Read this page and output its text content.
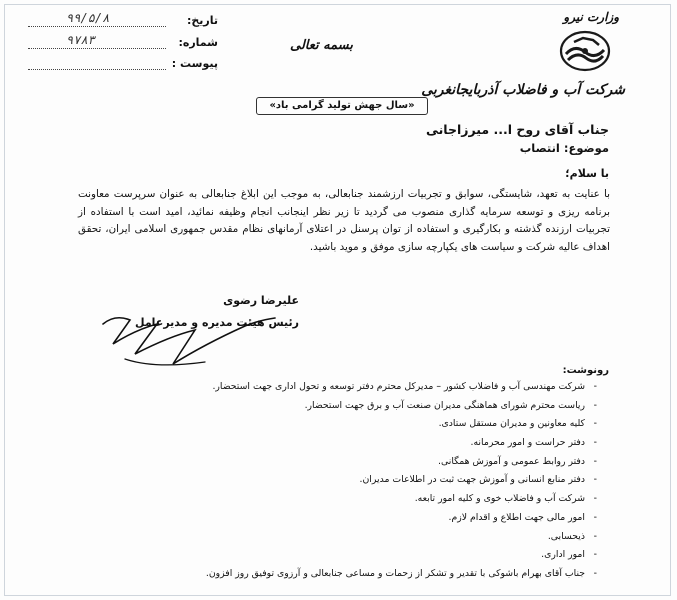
تاریخ:
۹۹/۵/۸
شماره:
۹۷۸۳
پیوست :
بسمه تعالی
وزارت نیرو
شرکت آب و فاضلاب آذربایجانغربی
«سال جهش تولید گرامی باد»
جناب آقای روح ا... میرزاجانی
موضوع: انتصاب
با سلام؛
با عنایت به تعهد، شایستگی، سوابق و تجربیات ارزشمند جنابعالی، به موجب این ابلاغ جنابعالی به عنوان سرپرست معاونت برنامه ریزی و توسعه سرمایه گذاری منصوب می گردید تا زیر نظر اینجانب انجام وظیفه نمائید، امید است با استفاده از تجربیات ارزنده گذشته و بکارگیری و استفاده از توان پرسنل در اعتلای آرمانهای نظام مقدس جمهوری اسلامی ایران، تحقق اهداف عالیه شرکت و سیاست های یکپارچه سازی موفق و موید باشید.
علیرضا رضوی
رئیس هیئت مدیره و مدیرعامل
رونوشت:
-
شرکت مهندسی آب و فاضلاب کشور – مدیرکل محترم دفتر توسعه و تحول اداری جهت استحضار.
-
ریاست محترم شورای هماهنگی مدیران صنعت آب و برق جهت استحضار.
-
کلیه معاونین و مدیران مستقل ستادی.
-
دفتر حراست و امور محرمانه.
-
دفتر روابط عمومی و آموزش همگانی.
-
دفتر منابع انسانی و آموزش جهت ثبت در اطلاعات مدیران.
-
شرکت آب و فاضلاب خوی و کلیه امور تابعه.
-
امور مالی جهت اطلاع و اقدام لازم.
-
ذیحسابی.
-
امور اداری.
-
جناب آقای بهرام باشوکی با تقدیر و تشکر از زحمات و مساعی جنابعالی و آرزوی توفیق روز افزون.
